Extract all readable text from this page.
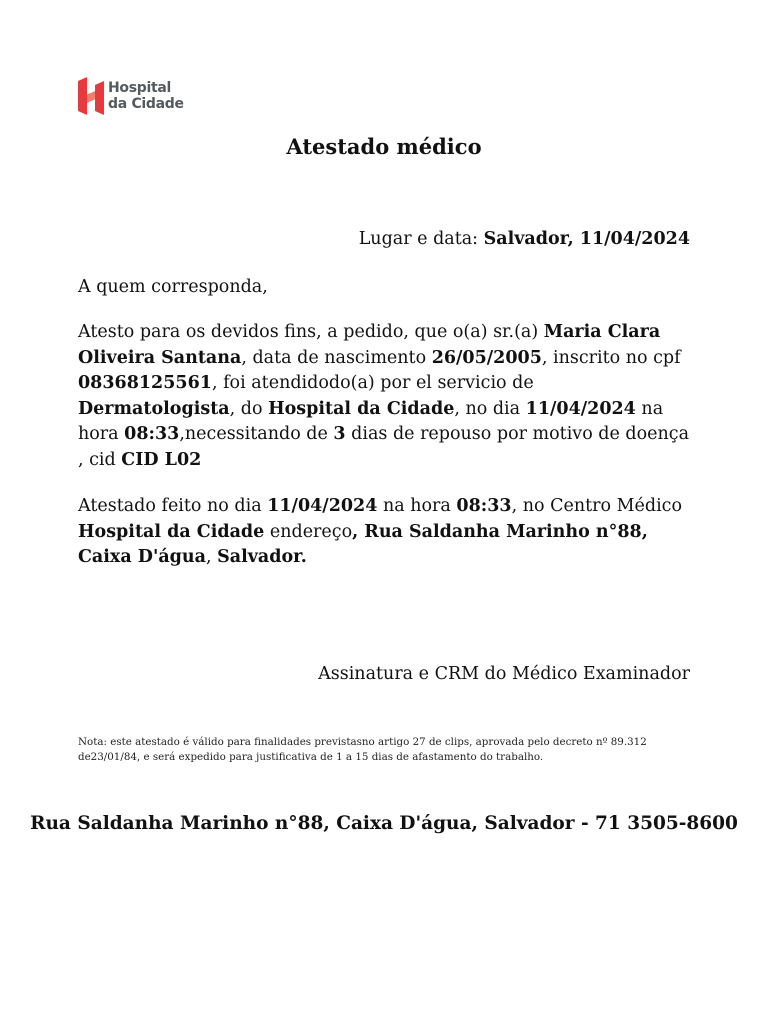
Hospital
da Cidade
Atestado médico

Lugar e data: Salvador, 11/04/2024

A quem corresponda,

Atesto para os devidos fins, a pedido, que o(a) sr.(a) Maria Clara Oliveira Santana, data de nascimento 26/05/2005, inscrito no cpf 08368125561, foi atendidodo(a) por el servicio de Dermatologista, do Hospital da Cidade, no dia 11/04/2024 na hora 08:33,necessitando de 3 dias de repouso por motivo de doença , cid CID L02

Atestado feito no dia 11/04/2024 na hora 08:33, no Centro Médico Hospital da Cidade endereço, Rua Saldanha Marinho n°88, Caixa D'água, Salvador.

Assinatura e CRM do Médico Examinador

Nota: este atestado é válido para finalidades previstasno artigo 27 de clips, aprovada pelo decreto nº 89.312 de23/01/84, e será expedido para justificativa de 1 a 15 dias de afastamento do trabalho.

Rua Saldanha Marinho n°88, Caixa D'água, Salvador - 71 3505-8600
